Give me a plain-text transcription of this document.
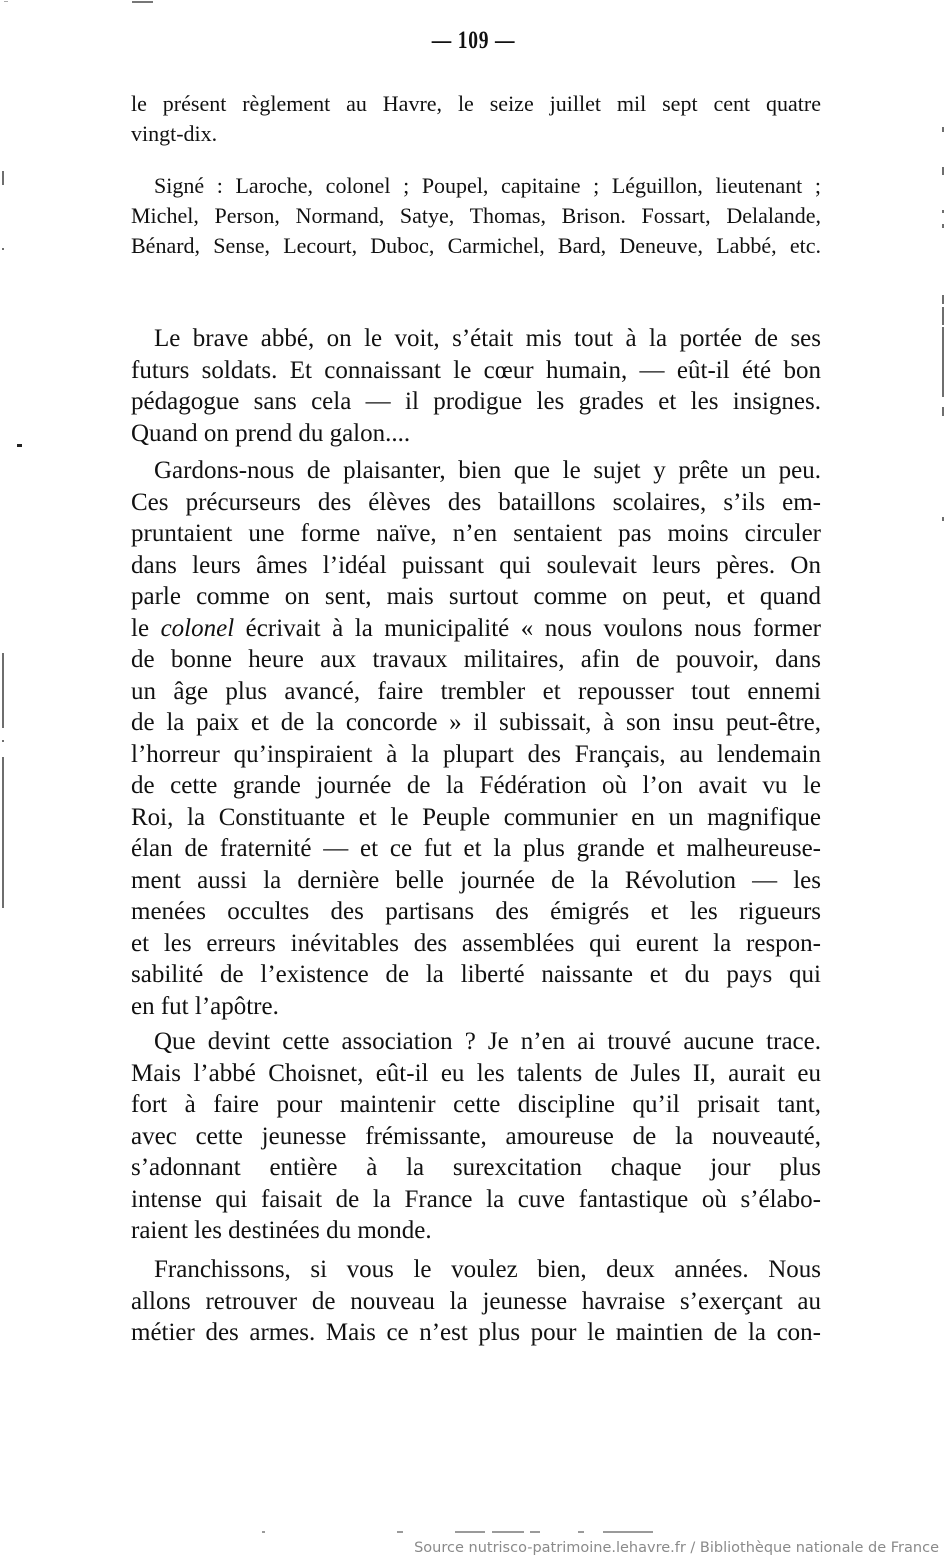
— 109 —
le présent règlement au Havre, le seize juillet mil sept cent quatre
vingt-dix.
Signé : Laroche, colonel ; Poupel, capitaine ; Léguillon, lieutenant ;
Michel, Person, Normand, Satye, Thomas, Brison. Fossart, Delalande,
Bénard, Sense, Lecourt, Duboc, Carmichel, Bard, Deneuve, Labbé, etc.
Le brave abbé, on le voit, s’était mis tout à la portée de ses
futurs soldats. Et connaissant le cœur humain, — eût-il été bon
pédagogue sans cela — il prodigue les grades et les insignes.
Quand on prend du galon....
Gardons-nous de plaisanter, bien que le sujet y prête un peu.
Ces précurseurs des élèves des bataillons scolaires, s’ils em-
pruntaient une forme naïve, n’en sentaient pas moins circuler
dans leurs âmes l’idéal puissant qui soulevait leurs pères. On
parle comme on sent, mais surtout comme on peut, et quand
le colonel écrivait à la municipalité « nous voulons nous former
de bonne heure aux travaux militaires, afin de pouvoir, dans
un âge plus avancé, faire trembler et repousser tout ennemi
de la paix et de la concorde » il subissait, à son insu peut-être,
l’horreur qu’inspiraient à la plupart des Français, au lendemain
de cette grande journée de la Fédération où l’on avait vu le
Roi, la Constituante et le Peuple communier en un magnifique
élan de fraternité — et ce fut et la plus grande et malheureuse-
ment aussi la dernière belle journée de la Révolution — les
menées occultes des partisans des émigrés et les rigueurs
et les erreurs inévitables des assemblées qui eurent la respon-
sabilité de l’existence de la liberté naissante et du pays qui
en fut l’apôtre.
Que devint cette association ? Je n’en ai trouvé aucune trace.
Mais l’abbé Choisnet, eût-il eu les talents de Jules II, aurait eu
fort à faire pour maintenir cette discipline qu’il prisait tant,
avec cette jeunesse frémissante, amoureuse de la nouveauté,
s’adonnant entière à la surexcitation chaque jour plus
intense qui faisait de la France la cuve fantastique où s’élabo-
raient les destinées du monde.
Franchissons, si vous le voulez bien, deux années. Nous
allons retrouver de nouveau la jeunesse havraise s’exerçant au
métier des armes. Mais ce n’est plus pour le maintien de la con-
Source nutrisco-patrimoine.lehavre.fr / Bibliothèque nationale de France
